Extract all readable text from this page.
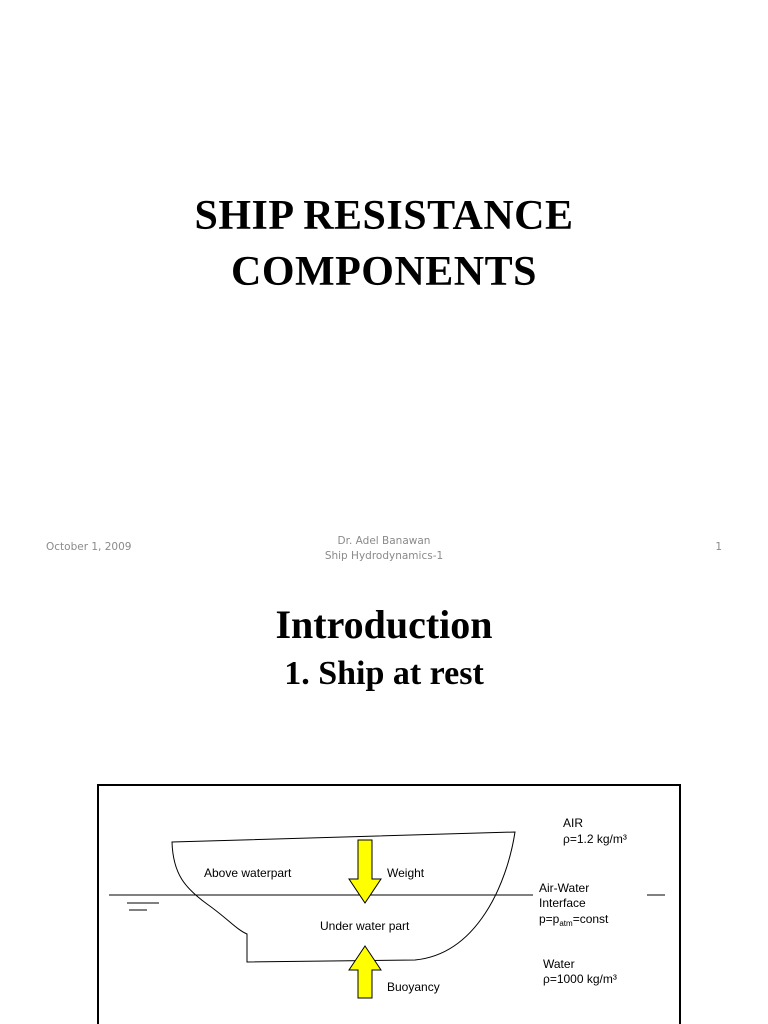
SHIP RESISTANCE
COMPONENTS
October 1, 2009	Dr. Adel Banawan
Ship Hydrodynamics-1
1
Introduction
1. Ship at rest
Above waterpart
Under water part
Weight
Buoyancy
AIR
ρ=1.2 kg/m³
Air-Water
Interface
$p=p_{atm}=const$
Water
ρ=1000 kg/m³
